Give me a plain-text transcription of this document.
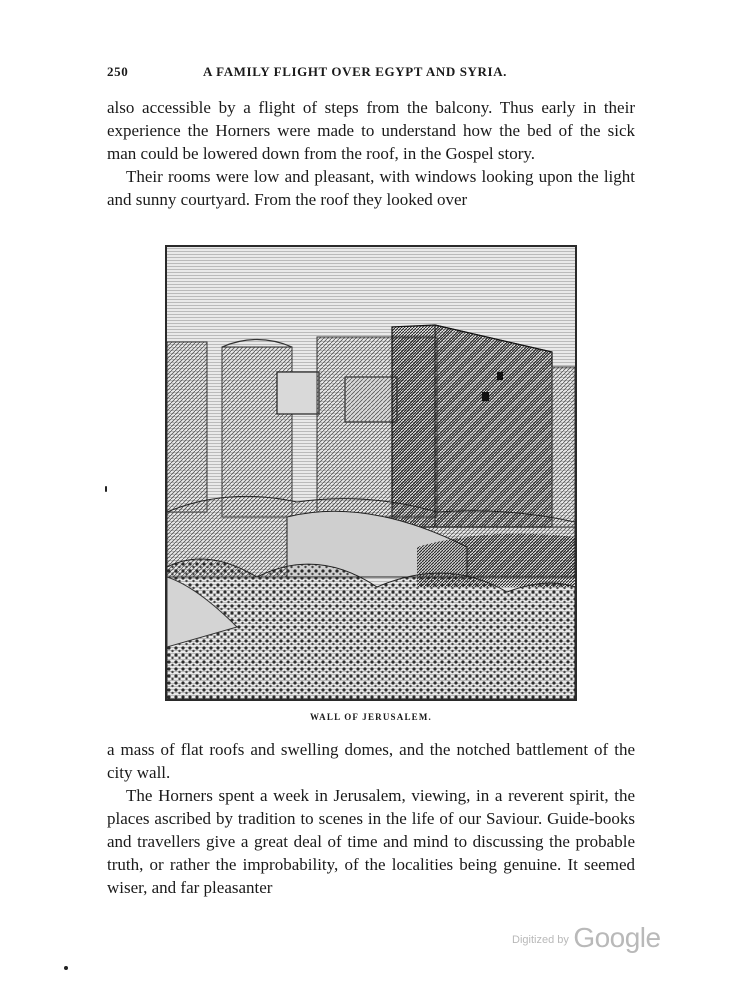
250	A FAMILY FLIGHT OVER EGYPT AND SYRIA.

also accessible by a flight of steps from the balcony. Thus early in their experience the Horners were made to understand how the bed of the sick man could be lowered down from the roof, in the Gospel story.

Their rooms were low and pleasant, with windows looking upon the light and sunny courtyard. From the roof they looked over

WALL OF JERUSALEM.

a mass of flat roofs and swelling domes, and the notched battlement of the city wall.

The Horners spent a week in Jerusalem, viewing, in a reverent spirit, the places ascribed by tradition to scenes in the life of our Saviour. Guide-books and travellers give a great deal of time and mind to discussing the probable truth, or rather the improbability, of the localities being genuine. It seemed wiser, and far pleasanter

$^{Digitized by}$ Google
